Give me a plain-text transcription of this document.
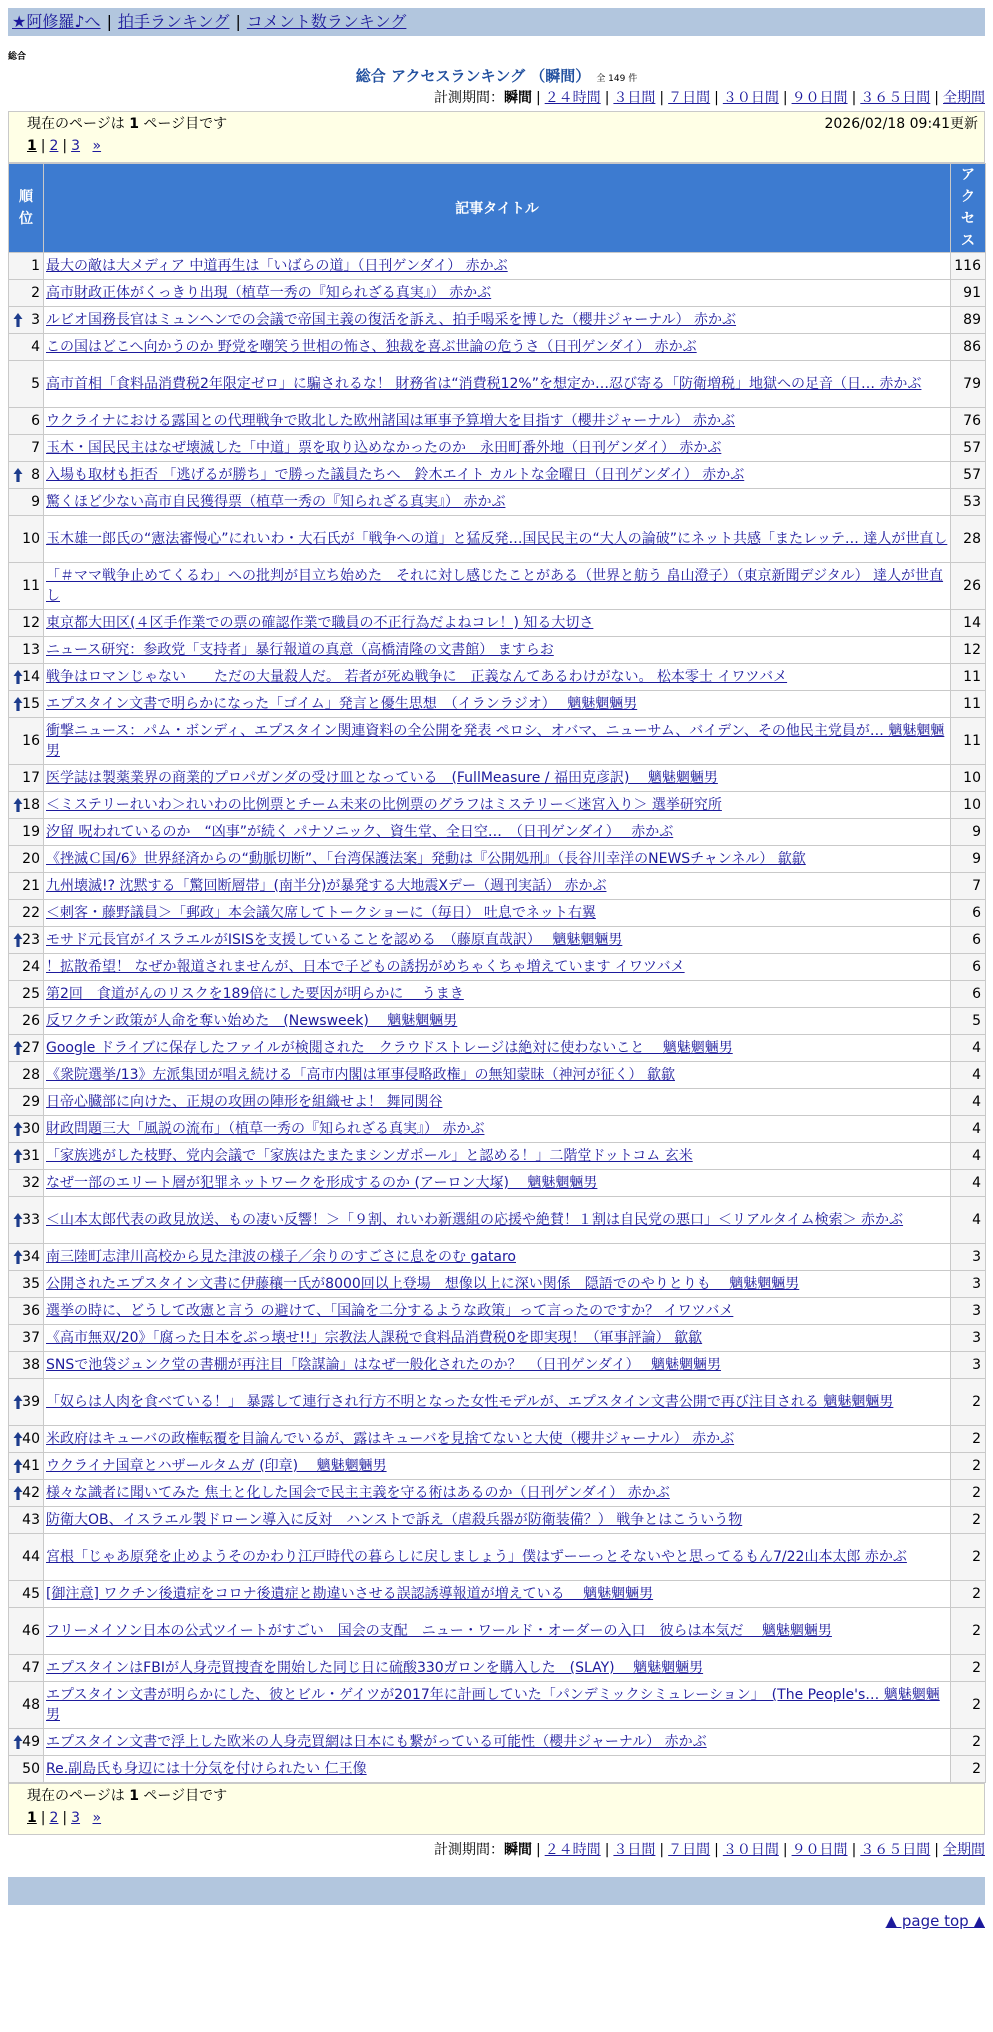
★阿修羅♪へ | 拍手ランキング | コメント数ランキング
総合
総合 アクセスランキング （瞬間） 全 149 件
計測期間：瞬間 | ２４時間 | ３日間 | ７日間 | ３０日間 | ９０日間 | ３６５日間 | 全期間
現在のページは 1 ページ目です	2026/02/18 09:41更新
1 | 2 | 3 »
順位	記事タイトル	アクセス
1	最大の敵は大メディア 中道再生は「いばらの道」（日刊ゲンダイ） 赤かぶ	116
2	高市財政正体がくっきり出現（植草一秀の『知られざる真実』） 赤かぶ	91

3	ルビオ国務長官はミュンヘンでの会議で帝国主義の復活を訴え、拍手喝采を博した（櫻井ジャーナル） 赤かぶ	89
4	この国はどこへ向かうのか 野党を嘲笑う世相の怖さ、独裁を喜ぶ世論の危うさ（日刊ゲンダイ） 赤かぶ	86
5	高市首相「食料品消費税2年限定ゼロ」に騙されるな！ 財務省は“消費税12%”を想定か…忍び寄る「防衛増税」地獄への足音（日… 赤かぶ	79
6	ウクライナにおける露国との代理戦争で敗北した欧州諸国は軍事予算増大を目指す（櫻井ジャーナル） 赤かぶ	76
7	玉木・国民民主はなぜ壊滅した「中道」票を取り込めなかったのか　永田町番外地（日刊ゲンダイ） 赤かぶ	57

8	入場も取材も拒否 「逃げるが勝ち」で勝った議員たちへ　鈴木エイト カルトな金曜日（日刊ゲンダイ） 赤かぶ	57
9	驚くほど少ない高市自民獲得票（植草一秀の『知られざる真実』） 赤かぶ	53
10	玉木雄一郎氏の“憲法審慢心”にれいわ・大石氏が「戦争への道」と猛反発…国民民主の“大人の論破”にネット共感「またレッテ… 達人が世直し	28
11	「＃ママ戦争止めてくるわ」への批判が目立ち始めた　それに対し感じたことがある（世界と舫う 畠山澄子）（東京新聞デジタル） 達人が世直し	26
12	東京都大田区(４区手作業での票の確認作業で職員の不正行為だよねコレ！) 知る大切さ	14
13	ニュース研究：参政党「支持者」暴行報道の真意（高橋清隆の文書館） ますらお	12

14	戦争はロマンじゃない　　ただの大量殺人だ。 若者が死ぬ戦争に　正義なんてあるわけがない。 松本零士 イワツバメ	11

15	エプスタイン文書で明らかになった「ゴイム」発言と優生思想　（イランラジオ）　 魑魅魍魎男	11
16	衝撃ニュース：パム・ボンディ、エプスタイン関連資料の全公開を発表 ペロシ、オバマ、ニューサム、バイデン、その他民主党員が… 魑魅魍魎男	11
17	医学誌は製薬業界の商業的プロパガンダの受け皿となっている　(FullMeasure / 福田克彦訳)　 魑魅魍魎男	10

18	＜ミステリーれいわ＞れいわの比例票とチーム未来の比例票のグラフはミステリー＜迷宮入り＞ 選挙研究所	10
19	汐留 呪われているのか　“凶事”が続く パナソニック、資生堂、全日空…　（日刊ゲンダイ）　 赤かぶ	9
20	《挫滅Ｃ国/6》世界経済からの“動脈切断”、「台湾保護法案」発動は『公開処刑』（長谷川幸洋のNEWSチャンネル） 歙歙	9
21	九州壊滅!? 沈黙する「驚回断層帯」(南半分)が暴発する大地震Xデー（週刊実話） 赤かぶ	7
22	＜刺客・藤野議員＞「郵政」本会議欠席してトークショーに（毎日） 吐息でネット右翼	6

23	モサド元長官がイスラエルがISISを支援していることを認める　（藤原直哉訳）　 魑魅魍魎男	6
24	！拡散希望！ なぜか報道されませんが、日本で子どもの誘拐がめちゃくちゃ増えています イワツバメ	6
25	第2回　食道がんのリスクを189倍にした要因が明らかに　 うまき	6
26	反ワクチン政策が人命を奪い始めた　(Newsweek)　 魑魅魍魎男	5

27	Google ドライブに保存したファイルが検閲された　クラウドストレージは絶対に使わないこと　 魑魅魍魎男	4
28	《衆院選挙/13》左派集団が唱え続ける「高市内閣は軍事侵略政権」の無知蒙昧（神河が征く） 歙歙	4
29	日帝心臓部に向けた、正規の攻囲の陣形を組織せよ！ 舞同関谷	4

30	財政問題三大「風説の流布」（植草一秀の『知られざる真実』） 赤かぶ	4

31	「家族逃がした枝野、党内会議で「家族はたまたまシンガポール」と認める！」二階堂ドットコム 玄米	4
32	なぜ一部のエリート層が犯罪ネットワークを形成するのか (アーロン大塚)　 魑魅魍魎男	4

33	＜山本太郎代表の政見放送、もの凄い反響！＞「９割、れいわ新選組の応援や絶賛！１割は自民党の悪口」＜リアルタイム検索＞ 赤かぶ	4

34	南三陸町志津川高校から見た津波の様子／余りのすごさに息をのむ gataro	3
35	公開されたエプスタイン文書に伊藤穰一氏が8000回以上登場　想像以上に深い関係　隠語でのやりとりも　 魑魅魍魎男	3
36	選挙の時に、どうして改憲と言う の避けて、「国論を二分するような政策」って言ったのですか？ イワツバメ	3
37	《高市無双/20》「腐った日本をぶっ壊せ!!」宗教法人課税で食料品消費税0を即実現！（軍事評論） 歙歙	3
38	SNSで池袋ジュンク堂の書棚が再注目「陰謀論」はなぜ一般化されたのか？　（日刊ゲンダイ）　 魑魅魍魎男	3

39	「奴らは人肉を食べている！」 暴露して連行され行方不明となった女性モデルが、エプスタイン文書公開で再び注目される 魑魅魍魎男	2

40	米政府はキューバの政権転覆を目論んでいるが、露はキューバを見捨てないと大使（櫻井ジャーナル） 赤かぶ	2

41	ウクライナ国章とハザールタムガ (印章)　 魑魅魍魎男	2

42	様々な識者に聞いてみた 焦土と化した国会で民主主義を守る術はあるのか（日刊ゲンダイ） 赤かぶ	2
43	防衛大OB、イスラエル製ドローン導入に反対　ハンストで訴え（虐殺兵器が防衛装備？） 戦争とはこういう物	2
44	宮根「じゃあ原発を止めようそのかわり江戸時代の暮らしに戻しましょう」僕はずーーっとそないやと思ってるもん7/22山本太郎 赤かぶ	2
45	[御注意] ワクチン後遺症をコロナ後遺症と勘違いさせる誤認誘導報道が増えている　 魑魅魍魎男	2
46	フリーメイソン日本の公式ツイートがすごい　国会の支配　ニュー・ワールド・オーダーの入口　彼らは本気だ　 魑魅魍魎男	2
47	エプスタインはFBIが人身売買捜査を開始した同じ日に硫酸330ガロンを購入した　(SLAY)　 魑魅魍魎男	2
48	エプスタイン文書が明らかにした、彼とビル・ゲイツが2017年に計画していた「パンデミックシミュレーション」　(The People's… 魑魅魍魎男	2

49	エプスタイン文書で浮上した欧米の人身売買網は日本にも繋がっている可能性（櫻井ジャーナル） 赤かぶ	2
50	Re.副島氏も身辺には十分気を付けられたい 仁王像	2
現在のページは 1 ページ目です
1 | 2 | 3 »
計測期間：瞬間 | ２４時間 | ３日間 | ７日間 | ３０日間 | ９０日間 | ３６５日間 | 全期間
▲ page top ▲
